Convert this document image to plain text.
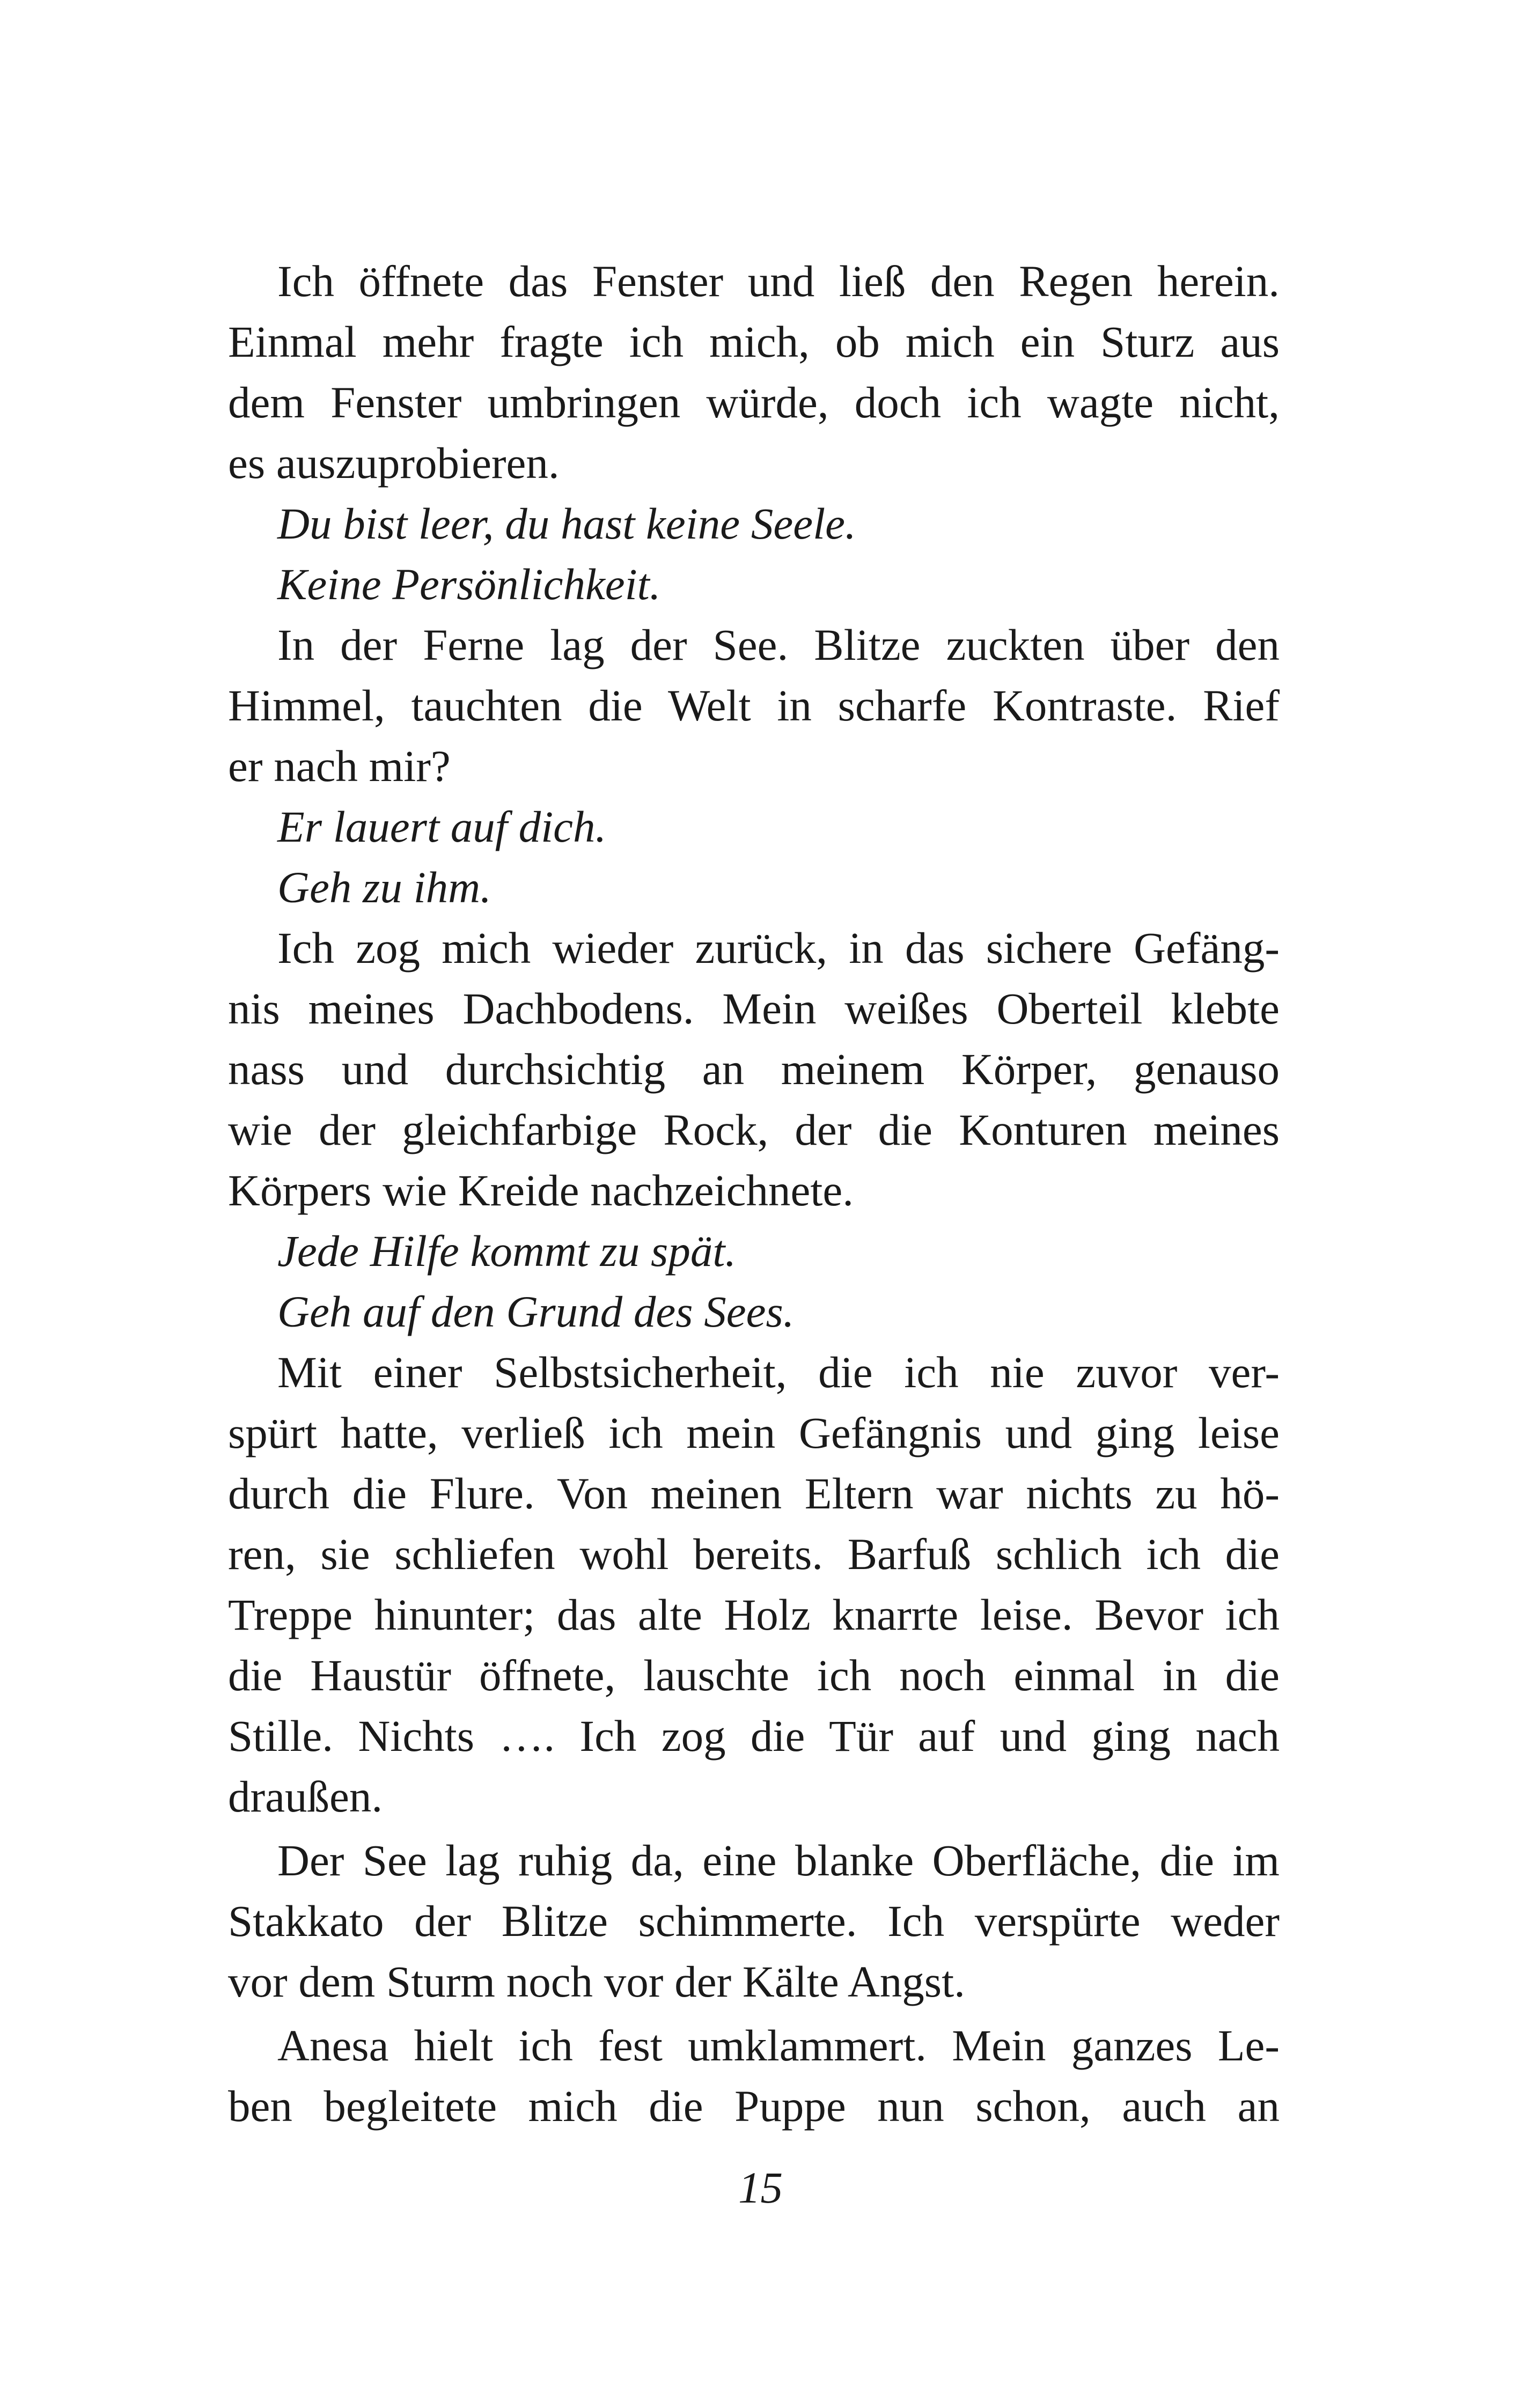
Ich öffnete das Fenster und ließ den Regen herein.
Einmal mehr fragte ich mich, ob mich ein Sturz aus
dem Fenster umbringen würde, doch ich wagte nicht,
es auszuprobieren.
Du bist leer, du hast keine Seele.
Keine Persönlichkeit.
In der Ferne lag der See. Blitze zuckten über den
Himmel, tauchten die Welt in scharfe Kontraste. Rief
er nach mir?
Er lauert auf dich.
Geh zu ihm.
Ich zog mich wieder zurück, in das sichere Gefäng-
nis meines Dachbodens. Mein weißes Oberteil klebte
nass und durchsichtig an meinem Körper, genauso
wie der gleichfarbige Rock, der die Konturen meines
Körpers wie Kreide nachzeichnete.
Jede Hilfe kommt zu spät.
Geh auf den Grund des Sees.
Mit einer Selbstsicherheit, die ich nie zuvor ver-
spürt hatte, verließ ich mein Gefängnis und ging leise
durch die Flure. Von meinen Eltern war nichts zu hö-
ren, sie schliefen wohl bereits. Barfuß schlich ich die
Treppe hinunter; das alte Holz knarrte leise. Bevor ich
die Haustür öffnete, lauschte ich noch einmal in die
Stille. Nichts …. Ich zog die Tür auf und ging nach
draußen.
Der See lag ruhig da, eine blanke Oberfläche, die im
Stakkato der Blitze schimmerte. Ich verspürte weder
vor dem Sturm noch vor der Kälte Angst.
Anesa hielt ich fest umklammert. Mein ganzes Le-
ben begleitete mich die Puppe nun schon, auch an
15
